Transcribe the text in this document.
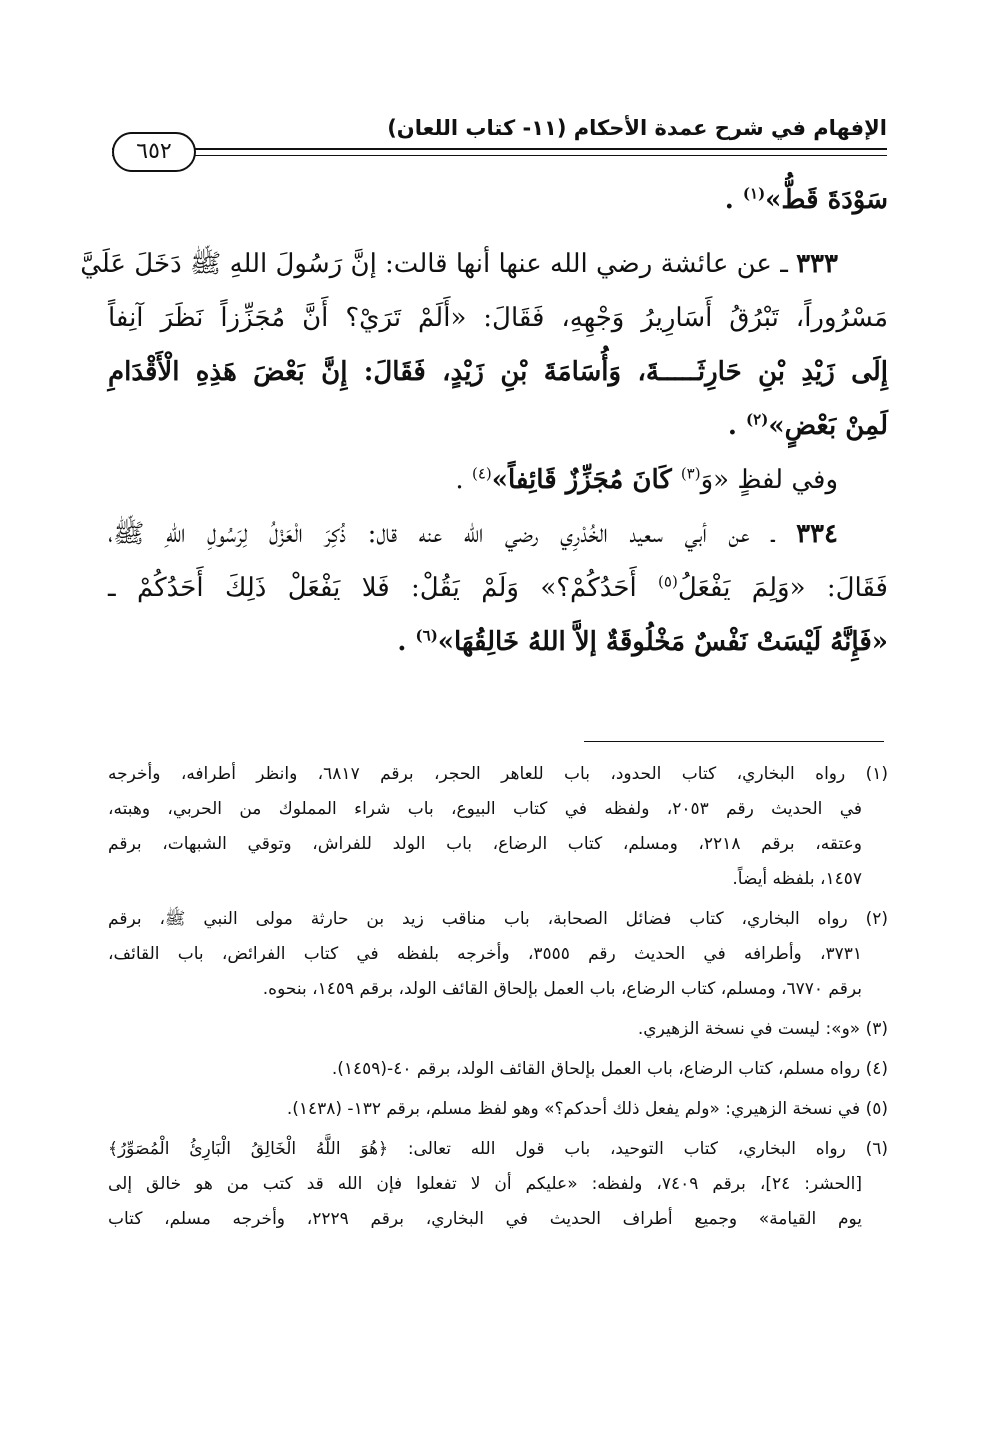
الإفهام في شرح عمدة الأحكام (١١- كتاب اللعان)
٦٥٢

سَوْدَةَ قَطُّ»$^{(١)}$ .

٣٣٣ ـ عن عائشة رضي الله عنها أنها قالت: إنَّ رَسُولَ اللهِ ﷺ دَخَلَ عَلَيَّ

مَسْرُوراً، تَبْرُقُ أَسَارِيرُ وَجْهِهِ، فَقَالَ: «أَلَمْ تَرَيْ؟ أَنَّ مُجَزِّزاً نَظَرَ آنِفاً

إِلَى زَيْدِ بْنِ حَارِثَـــــةَ، وَأُسَامَةَ بْنِ زَيْدٍ، فَقَالَ: إِنَّ بَعْضَ هَذِهِ الْأَقْدَامِ

لَمِنْ بَعْضٍ»$^{(٢)}$ .

وفي لفظٍ «وَ$^{(٣)}$ كَانَ مُجَزِّزٌ قَائِفاً»$^{(٤)}$ .

٣٣٤ ـ عن أبي سعيد الخُدْرِي رضي الله عنه قال: ذُكِرَ الْعَزْلُ لِرَسُولِ اللهِ ﷺ،

فَقَالَ: «وَلِمَ يَفْعَلُ$^{(٥)}$ أَحَدُكُمْ؟» وَلَمْ يَقُلْ: فَلا يَفْعَلْ ذَلِكَ أَحَدُكُمْ ـ

«فَإِنَّهُ لَيْسَتْ نَفْسٌ مَخْلُوقَةٌ إلاَّ اللهُ خَالِقُهَا»$^{(٦)}$ .

(١) رواه البخاري، كتاب الحدود، باب للعاهر الحجر، برقم ٦٨١٧، وانظر أطرافه، وأخرجه

في الحديث رقم ٢٠٥٣، ولفظه في كتاب البيوع، باب شراء المملوك من الحربي، وهبته،

وعتقه، برقم ٢٢١٨، ومسلم، كتاب الرضاع، باب الولد للفراش، وتوقي الشبهات، برقم

١٤٥٧، بلفظه أيضاً.

(٢) رواه البخاري، كتاب فضائل الصحابة، باب مناقب زيد بن حارثة مولى النبي ﷺ، برقم

٣٧٣١، وأطرافه في الحديث رقم ٣٥٥٥، وأخرجه بلفظه في كتاب الفرائض، باب القائف،

برقم ٦٧٧٠، ومسلم، كتاب الرضاع، باب العمل بإلحاق القائف الولد، برقم ١٤٥٩، بنحوه.

(٣) «و»: ليست في نسخة الزهيري.

(٤) رواه مسلم، كتاب الرضاع، باب العمل بإلحاق القائف الولد، برقم ٤٠-(١٤٥٩).

(٥) في نسخة الزهيري: «ولم يفعل ذلك أحدكم؟» وهو لفظ مسلم، برقم ١٣٢- (١٤٣٨).

(٦) رواه البخاري، كتاب التوحيد، باب قول الله تعالى: ﴿هُوَ اللَّهُ الْخَالِقُ الْبَارِئُ الْمُصَوِّرُ﴾

[الحشر: ٢٤]، برقم ٧٤٠٩، ولفظه: «عليكم أن لا تفعلوا فإن الله قد كتب من هو خالق إلى

يوم القيامة» وجميع أطراف الحديث في البخاري، برقم ٢٢٢٩، وأخرجه مسلم، كتاب
